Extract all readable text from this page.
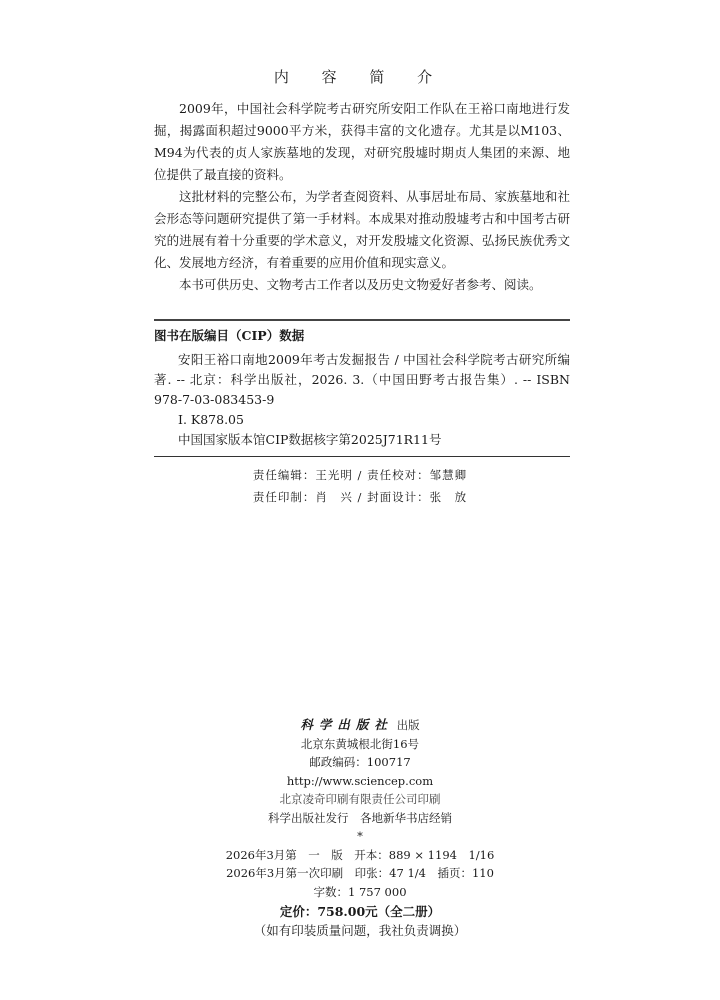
内 容 简 介

2009年，中国社会科学院考古研究所安阳工作队在王裕口南地进行发掘，揭露面积超过9000平方米，获得丰富的文化遗存。尤其是以M103、M94为代表的贞人家族墓地的发现，对研究殷墟时期贞人集团的来源、地位提供了最直接的资料。

这批材料的完整公布，为学者查阅资料、从事居址布局、家族墓地和社会形态等问题研究提供了第一手材料。本成果对推动殷墟考古和中国考古研究的进展有着十分重要的学术意义，对开发殷墟文化资源、弘扬民族优秀文化、发展地方经济，有着重要的应用价值和现实意义。

本书可供历史、文物考古工作者以及历史文物爱好者参考、阅读。

图书在版编目（CIP）数据
安阳王裕口南地2009年考古发掘报告 / 中国社会科学院考古研究所编著. -- 北京：科学出版社，2026. 3.（中国田野考古报告集）. -- ISBN 978-7-03-083453-9
Ⅰ. K878.05
中国国家版本馆CIP数据核字第2025J71R11号
责任编辑：王光明 / 责任校对：邹慧卿
责任印制：肖　兴 / 封面设计：张　放
科学出版社 出版
北京东黄城根北街16号
邮政编码：100717
http://www.sciencep.com
北京凌奇印刷有限责任公司印刷
科学出版社发行　各地新华书店经销
*
2026年3月第　一　版　开本：889 × 1194　1/16
2026年3月第一次印刷　印张：47 1/4　插页：110
字数：1 757 000
定价：758.00元（全二册）
（如有印装质量问题，我社负责调换）
